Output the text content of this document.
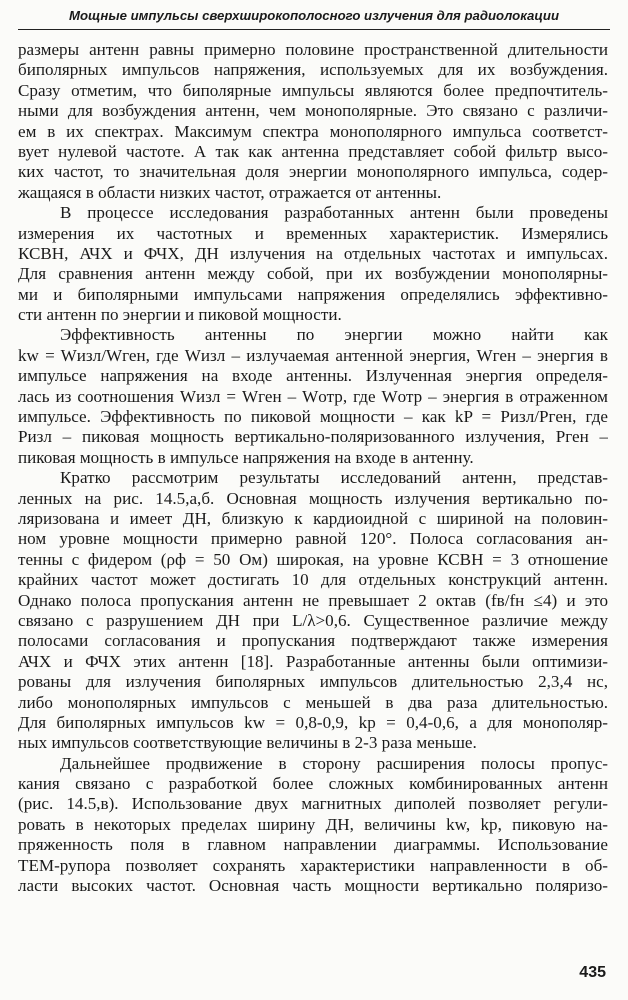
Мощные импульсы сверхширокополосного излучения для радиолокации
размеры антенн равны примерно половине пространственной длительности
биполярных импульсов напряжения, используемых для их возбуждения.
Сразу отметим, что биполярные импульсы являются более предпочтитель-
ными для возбуждения антенн, чем монополярные. Это связано с различи-
ем в их спектрах. Максимум спектра монополярного импульса соответст-
вует нулевой частоте. А так как антенна представляет собой фильтр высо-
ких частот, то значительная доля энергии монополярного импульса, содер-
жащаяся в области низких частот, отражается от антенны.
В процессе исследования разработанных антенн были проведены
измерения их частотных и временных характеристик. Измерялись
КСВН, АЧХ и ФЧХ, ДН излучения на отдельных частотах и импульсах.
Для сравнения антенн между собой, при их возбуждении монополярны-
ми и биполярными импульсами напряжения определялись эффективно-
сти антенн по энергии и пиковой мощности.
Эффективность антенны по энергии можно найти как
kw = Wизл/Wген, где Wизл – излучаемая антенной энергия, Wген – энергия в
импульсе напряжения на входе антенны. Излученная энергия определя-
лась из соотношения Wизл = Wген – Wотр, где Wотр – энергия в отраженном
импульсе. Эффективность по пиковой мощности – как kP = Pизл/Pген, где
Pизл – пиковая мощность вертикально-поляризованного излучения, Pген –
пиковая мощность в импульсе напряжения на входе в антенну.
Кратко рассмотрим результаты исследований антенн, представ-
ленных на рис. 14.5,а,б. Основная мощность излучения вертикально по-
ляризована и имеет ДН, близкую к кардиоидной с шириной на половин-
ном уровне мощности примерно равной 120°. Полоса согласования ан-
тенны с фидером (ρф = 50 Ом) широкая, на уровне КСВН = 3 отношение
крайних частот может достигать 10 для отдельных конструкций антенн.
Однако полоса пропускания антенн не превышает 2 октав (fв/fн ≤4) и это
связано с разрушением ДН при L/λ>0,6. Существенное различие между
полосами согласования и пропускания подтверждают также измерения
АЧХ и ФЧХ этих антенн [18]. Разработанные антенны были оптимизи-
рованы для излучения биполярных импульсов длительностью 2,3,4 нс,
либо монополярных импульсов с меньшей в два раза длительностью.
Для биполярных импульсов kw = 0,8-0,9, kp = 0,4-0,6, а для монополяр-
ных импульсов соответствующие величины в 2-3 раза меньше.
Дальнейшее продвижение в сторону расширения полосы пропус-
кания связано с разработкой более сложных комбинированных антенн
(рис. 14.5,в). Использование двух магнитных диполей позволяет регули-
ровать в некоторых пределах ширину ДН, величины kw, kp, пиковую на-
пряженность поля в главном направлении диаграммы. Использование
ТЕМ-рупора позволяет сохранять характеристики направленности в об-
ласти высоких частот. Основная часть мощности вертикально поляризо-
435
